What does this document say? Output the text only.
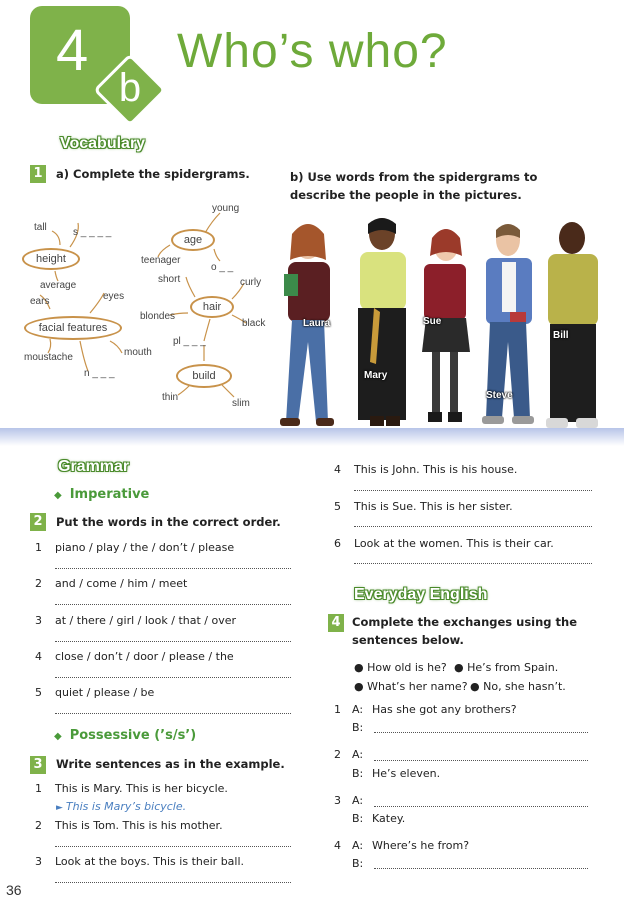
4
b
Who’s who?
Vocabulary
1	a) Complete the spidergrams.	b) Use words from the spidergrams to describe the people in the pictures.
tall	s _ _ _ _
height
average
young
age
teenager
o _ _
ears	eyes
facial features
moustache	mouth
n _ _ _
short	curly
hair
blondes
black
pl _ _ _
build
thin
slim
Laura
Mary
Sue
Steve
Bill
Grammar
◆ Imperative
2	Put the words in the correct order.
1 piano / play / the / don’t / please
2 and / come / him / meet
3 at / there / girl / look / that / over
4 close / don’t / door / please / the
5 quiet / please / be
◆ Possessive (’s/s’)
3	Write sentences as in the example.
1 This is Mary. This is her bicycle.
► This is Mary’s bicycle.
2 This is Tom. This is his mother.
3 Look at the boys. This is their ball.
4 This is John. This is his house.
5 This is Sue. This is her sister.
6 Look at the women. This is their car.
Everyday English
4 Complete the exchanges using the
sentences below.
● How old is he? ● He’s from Spain.
● What’s her name? ● No, she hasn’t.
1 A: Has she got any brothers?
B:
2 A:
B: He’s eleven.
3 A:
B: Katey.
4 A: Where’s he from?
B:
36
